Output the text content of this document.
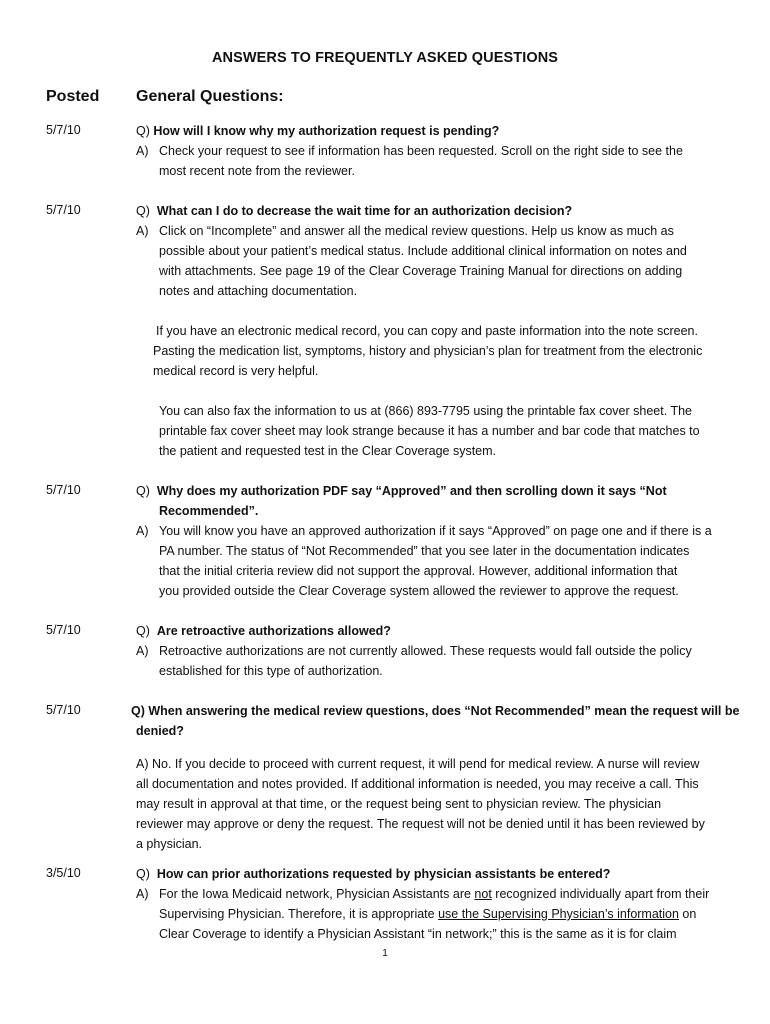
ANSWERS TO FREQUENTLY ASKED QUESTIONS
Posted General Questions:
5/7/10	Q) How will I know why my authorization request is pending?
A) Check your request to see if information has been requested. Scroll on the right side to see the
most recent note from the reviewer.
5/7/10	Q) What can I do to decrease the wait time for an authorization decision?
A) Click on “Incomplete” and answer all the medical review questions. Help us know as much as
possible about your patient’s medical status. Include additional clinical information on notes and
with attachments. See page 19 of the Clear Coverage Training Manual for directions on adding
notes and attaching documentation.
If you have an electronic medical record, you can copy and paste information into the note screen.
Pasting the medication list, symptoms, history and physician’s plan for treatment from the electronic
medical record is very helpful.
You can also fax the information to us at (866) 893-7795 using the printable fax cover sheet. The
printable fax cover sheet may look strange because it has a number and bar code that matches to
the patient and requested test in the Clear Coverage system.
5/7/10	Q) Why does my authorization PDF say “Approved” and then scrolling down it says “Not
Recommended”.
A) You will know you have an approved authorization if it says “Approved” on page one and if there is a
PA number. The status of “Not Recommended” that you see later in the documentation indicates
that the initial criteria review did not support the approval. However, additional information that
you provided outside the Clear Coverage system allowed the reviewer to approve the request.
5/7/10	Q) Are retroactive authorizations allowed?
A) Retroactive authorizations are not currently allowed. These requests would fall outside the policy
established for this type of authorization.
5/7/10	Q) When answering the medical review questions, does “Not Recommended” mean the request will be
denied?
A) No. If you decide to proceed with current request, it will pend for medical review. A nurse will review
all documentation and notes provided. If additional information is needed, you may receive a call. This
may result in approval at that time, or the request being sent to physician review. The physician
reviewer may approve or deny the request. The request will not be denied until it has been reviewed by
a physician.
3/5/10	Q) How can prior authorizations requested by physician assistants be entered?
A) For the Iowa Medicaid network, Physician Assistants are not recognized individually apart from their
Supervising Physician. Therefore, it is appropriate use the Supervising Physician’s information on
Clear Coverage to identify a Physician Assistant “in network;” this is the same as it is for claim
1
